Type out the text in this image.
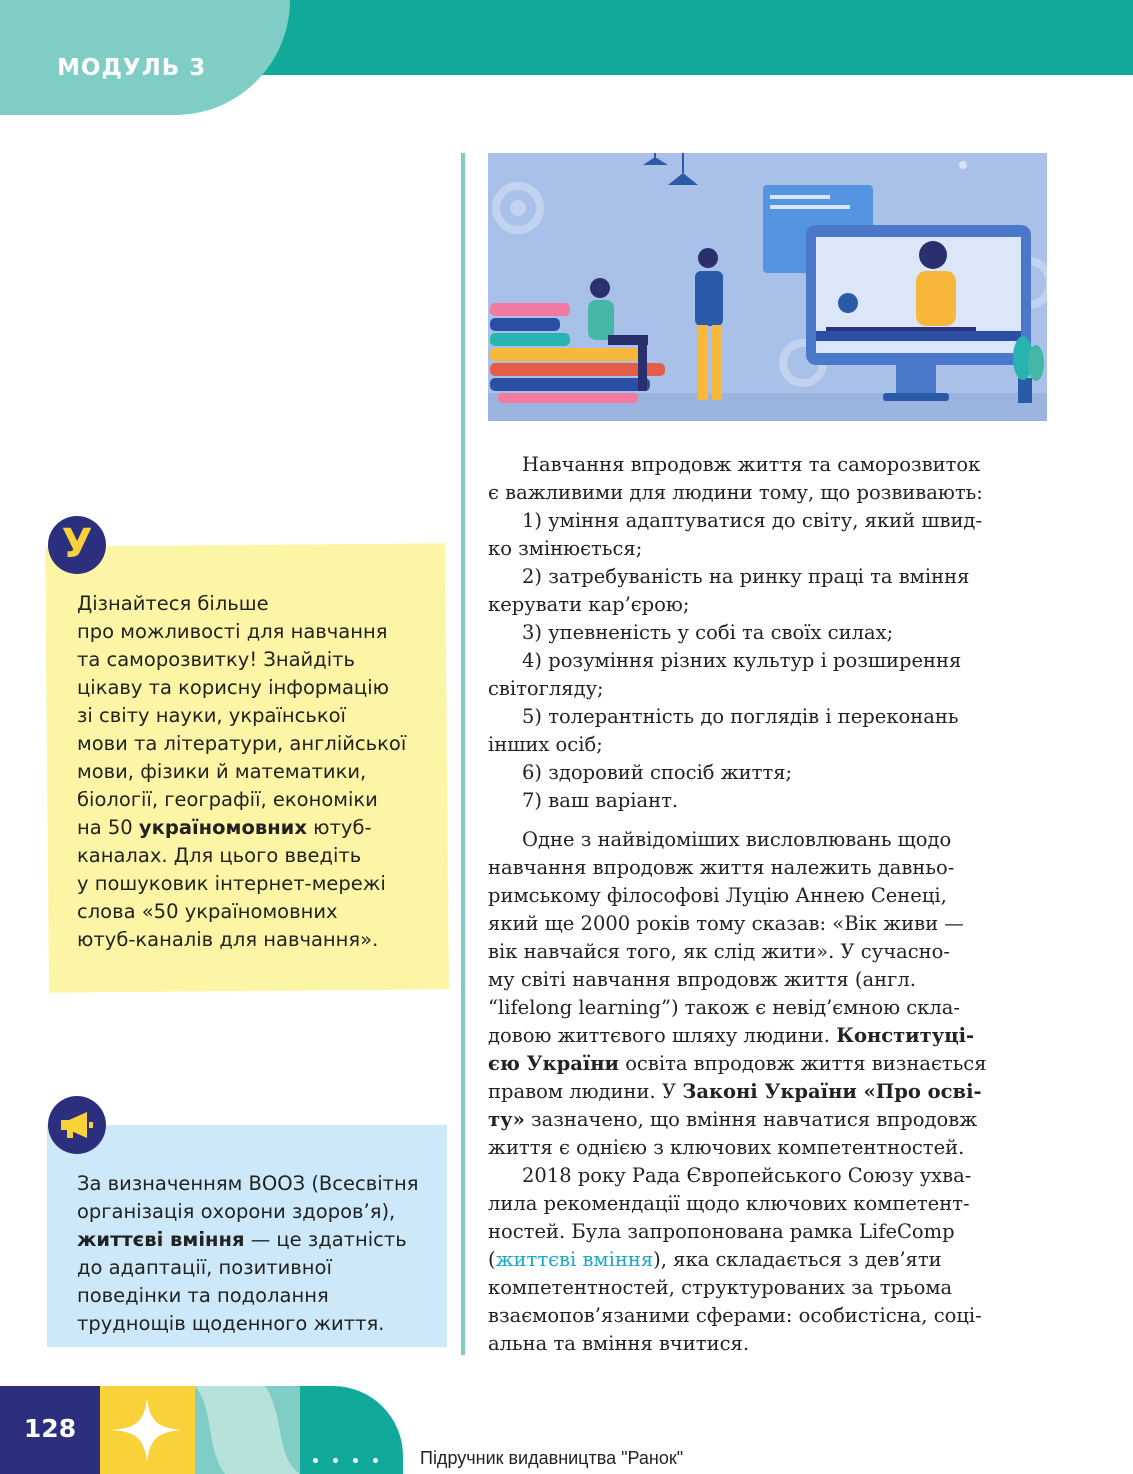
МОДУЛЬ 3

Навчання впродовж життя та саморозвиток

є важливими для людини тому, що розвивають:

1) уміння адаптуватися до світу, який швид-

ко змінюється;

2) затребуваність на ринку праці та вміння

керувати кар’єрою;

3) упевненість у собі та своїх силах;

4) розуміння різних культур і розширення

світогляду;

5) толерантність до поглядів і переконань

інших осіб;

6) здоровий спосіб життя;

7) ваш варіант.

Одне з найвідоміших висловлювань щодо

навчання впродовж життя належить давньо-

римському філософові Луцію Аннею Сенеці,

який ще 2000 років тому сказав: «Вік живи —

вік навчайся того, як слід жити». У сучасно-

му світі навчання впродовж життя (англ.

“lifelong learning”) також є невід’ємною скла-

довою життєвого шляху людини. Конституці-

єю України освіта впродовж життя визнається

правом людини. У Законі України «Про осві-

ту» зазначено, що вміння навчатися впродовж

життя є однією з ключових компетентностей.

2018 року Рада Європейського Союзу ухва-

лила рекомендації щодо ключових компетент-

ностей. Була запропонована рамка LifeComp

(життєві вміння), яка складається з дев’яти

компетентностей, структурованих за трьома

взаємопов’язаними сферами: особистісна, соці-

альна та вміння вчитися.

У
Дізнайтеся більше
про можливості для навчання
та саморозвитку! Знайдіть
цікаву та корисну інформацію
зі світу науки, української
мови та літератури, англійської
мови, фізики й математики,
біології, географії, економіки
на 50 україномовних ютуб-
каналах. Для цього введіть
у пошуковик інтернет-мережі
слова «50 україномовних
ютуб-каналів для навчання».
За визначенням ВООЗ (Всесвітня
організація охорони здоров’я),
життєві вміння — це здатність
до адаптації, позитивної
поведінки та подолання
труднощів щоденного життя.
128
Підручник видавництва "Ранок"
